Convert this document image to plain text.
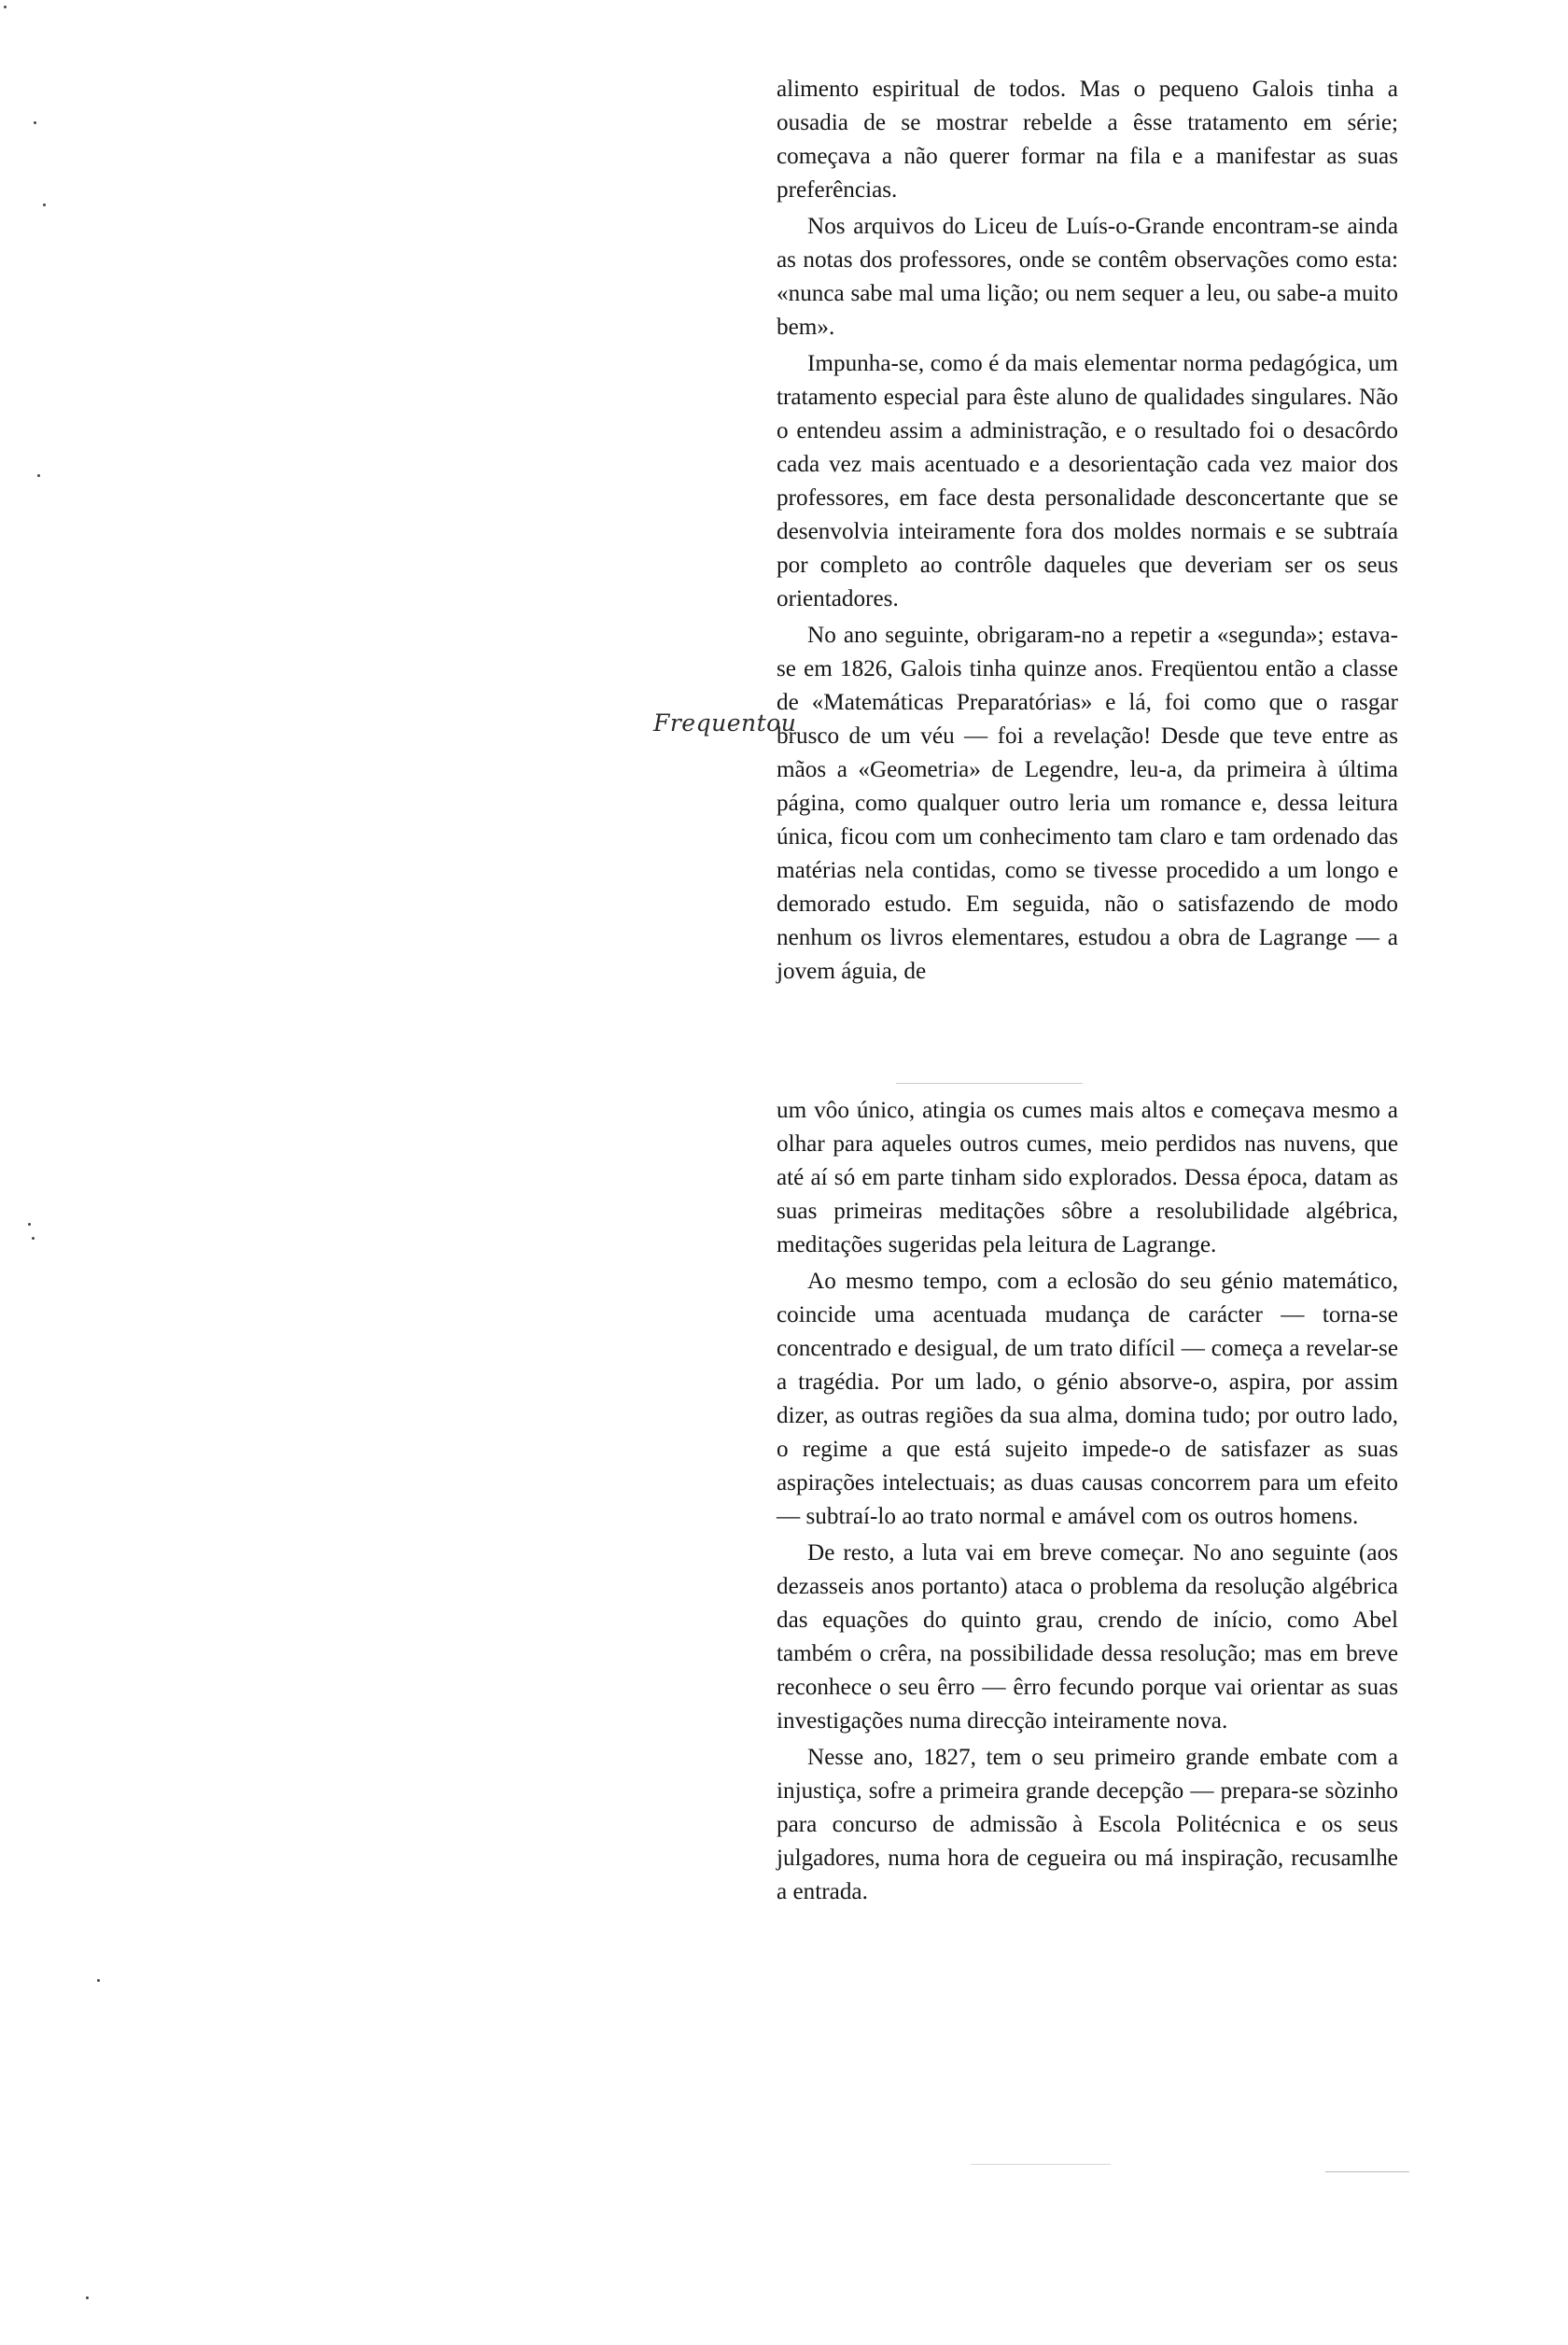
Frequentou

alimento espiritual de todos. Mas o pequeno Galois tinha a ousadia de se mostrar rebelde a êsse tratamento em série; começava a não querer formar na fila e a manifestar as suas preferências.

Nos arquivos do Liceu de Luís-o-Grande encontram-se ainda as notas dos professores, onde se contêm observações como esta: «nunca sabe mal uma lição; ou nem sequer a leu, ou sabe-a muito bem».

Impunha-se, como é da mais elementar norma pedagógica, um tratamento especial para êste aluno de qualidades singulares. Não o entendeu assim a administração, e o resultado foi o desacôrdo cada vez mais acentuado e a desorientação cada vez maior dos professores, em face desta personalidade desconcertante que se desenvolvia inteiramente fora dos moldes normais e se subtraía por completo ao contrôle daqueles que deveriam ser os seus orientadores.

No ano seguinte, obrigaram-no a repetir a «segunda»; estava-se em 1826, Galois tinha quinze anos. Freqüentou então a classe de «Matemáticas Preparatórias» e lá, foi como que o rasgar brusco de um véu — foi a revelação! Desde que teve entre as mãos a «Geometria» de Legendre, leu-a, da primeira à última página, como qualquer outro leria um romance e, dessa leitura única, ficou com um conhecimento tam claro e tam ordenado das matérias nela contidas, como se tivesse procedido a um longo e demorado estudo. Em seguida, não o satisfazendo de modo nenhum os livros elementares, estudou a obra de Lagrange — a jovem águia, de

um vôo único, atingia os cumes mais altos e começava mesmo a olhar para aqueles outros cumes, meio perdidos nas nuvens, que até aí só em parte tinham sido explorados. Dessa época, datam as suas primeiras meditações sôbre a resolubilidade algébrica, meditações sugeridas pela leitura de Lagrange.

Ao mesmo tempo, com a eclosão do seu génio matemático, coincide uma acentuada mudança de carácter — torna-se concentrado e desigual, de um trato difícil — começa a revelar-se a tragédia. Por um lado, o génio absorve-o, aspira, por assim dizer, as outras regiões da sua alma, domina tudo; por outro lado, o regime a que está sujeito impede-o de satisfazer as suas aspirações intelectuais; as duas causas concorrem para um efeito — subtraí-lo ao trato normal e amável com os outros homens.

De resto, a luta vai em breve começar. No ano seguinte (aos dezasseis anos portanto) ataca o problema da resolução algébrica das equações do quinto grau, crendo de início, como Abel também o crêra, na possibilidade dessa resolução; mas em breve reconhece o seu êrro — êrro fecundo porque vai orientar as suas investigações numa direcção inteiramente nova.

Nesse ano, 1827, tem o seu primeiro grande embate com a injustiça, sofre a primeira grande decepção — prepara-se sòzinho para concurso de admissão à Escola Politécnica e os seus julgadores, numa hora de cegueira ou má inspiração, recusamlhe a entrada.
